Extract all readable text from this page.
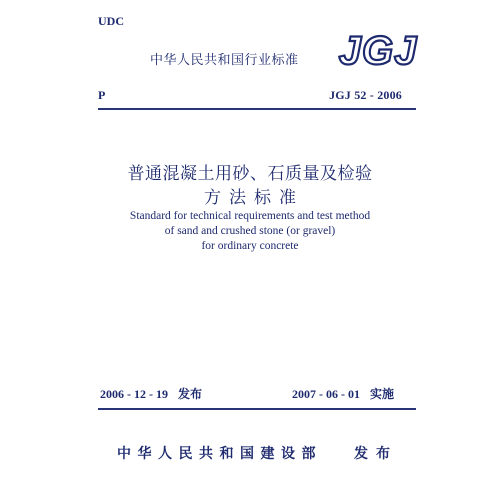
UDC
中华人民共和国行业标准 JGJ
P	JGJ 52 - 2006
普通混凝土用砂、石质量及检验
方法标准
Standard for technical requirements and test method
of sand and crushed stone (or gravel)
for ordinary concrete
2006 - 12 - 19 发布	2007 - 06 - 01 实施
中华人民共和国建设部 发布
